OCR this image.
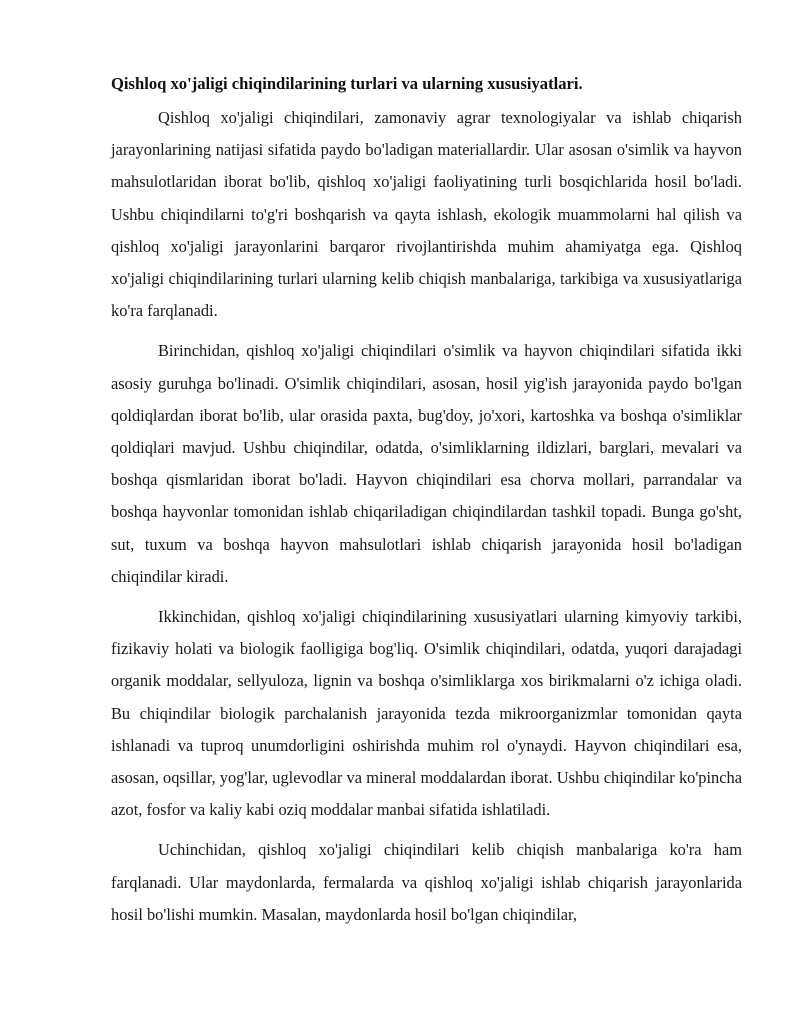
Qishloq xo'jaligi chiqindilarining turlari va ularning xususiyatlari.

Qishloq xo'jaligi chiqindilari, zamonaviy agrar texnologiyalar va ishlab chiqarish jarayonlarining natijasi sifatida paydo bo'ladigan materiallardir. Ular asosan o'simlik va hayvon mahsulotlaridan iborat bo'lib, qishloq xo'jaligi faoliyatining turli bosqichlarida hosil bo'ladi. Ushbu chiqindilarni to'g'ri boshqarish va qayta ishlash, ekologik muammolarni hal qilish va qishloq xo'jaligi jarayonlarini barqaror rivojlantirishda muhim ahamiyatga ega. Qishloq xo'jaligi chiqindilarining turlari ularning kelib chiqish manbalariga, tarkibiga va xususiyatlariga ko'ra farqlanadi.

Birinchidan, qishloq xo'jaligi chiqindilari o'simlik va hayvon chiqindilari sifatida ikki asosiy guruhga bo'linadi. O'simlik chiqindilari, asosan, hosil yig'ish jarayonida paydo bo'lgan qoldiqlardan iborat bo'lib, ular orasida paxta, bug'doy, jo'xori, kartoshka va boshqa o'simliklar qoldiqlari mavjud. Ushbu chiqindilar, odatda, o'simliklarning ildizlari, barglari, mevalari va boshqa qismlaridan iborat bo'ladi. Hayvon chiqindilari esa chorva mollari, parrandalar va boshqa hayvonlar tomonidan ishlab chiqariladigan chiqindilardan tashkil topadi. Bunga go'sht, sut, tuxum va boshqa hayvon mahsulotlari ishlab chiqarish jarayonida hosil bo'ladigan chiqindilar kiradi.

Ikkinchidan, qishloq xo'jaligi chiqindilarining xususiyatlari ularning kimyoviy tarkibi, fizikaviy holati va biologik faolligiga bog'liq. O'simlik chiqindilari, odatda, yuqori darajadagi organik moddalar, sellyuloza, lignin va boshqa o'simliklarga xos birikmalarni o'z ichiga oladi. Bu chiqindilar biologik parchalanish jarayonida tezda mikroorganizmlar tomonidan qayta ishlanadi va tuproq unumdorligini oshirishda muhim rol o'ynaydi. Hayvon chiqindilari esa, asosan, oqsillar, yog'lar, uglevodlar va mineral moddalardan iborat. Ushbu chiqindilar ko'pincha azot, fosfor va kaliy kabi oziq moddalar manbai sifatida ishlatiladi.

Uchinchidan, qishloq xo'jaligi chiqindilari kelib chiqish manbalariga ko'ra ham farqlanadi. Ular maydonlarda, fermalarda va qishloq xo'jaligi ishlab chiqarish jarayonlarida hosil bo'lishi mumkin. Masalan, maydonlarda hosil bo'lgan chiqindilar,
